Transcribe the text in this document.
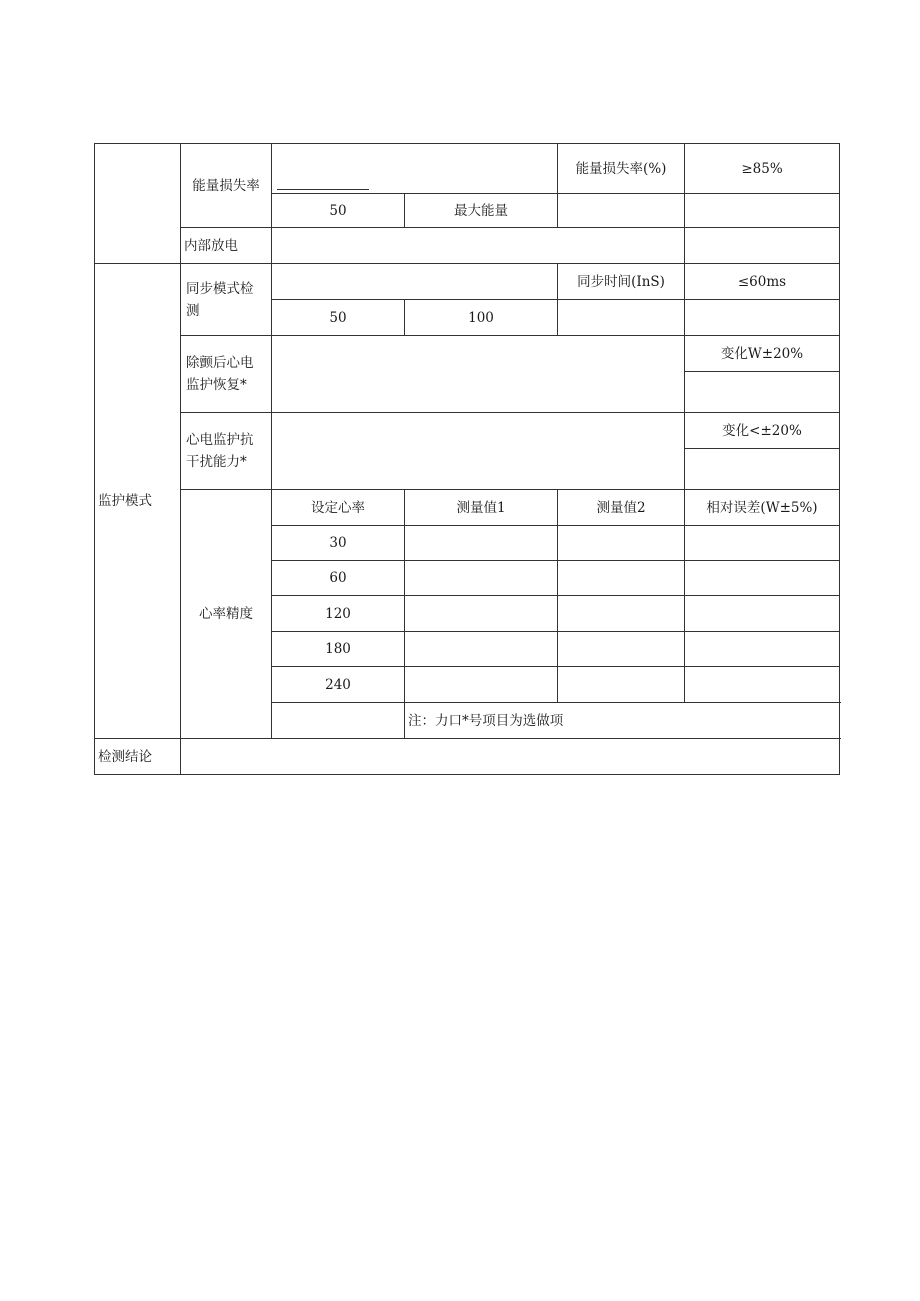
	能量损失率			能量损失率(%)	≥85%
		50	最大能量		
	内部放电				
监护模式	同步模式检测			同步时间(InS)	≤60ms
		50	100		
	除颤后心电监护恢复*				变化W±20%

	心电监护抗干扰能力*				变化<±20%

	心率精度	设定心率	测量值1	测量值2	相对误差(W±5%)
		30			
		60			
		120			
		180			
		240			
			注：力口*号项目为选做项		
检测结论					
